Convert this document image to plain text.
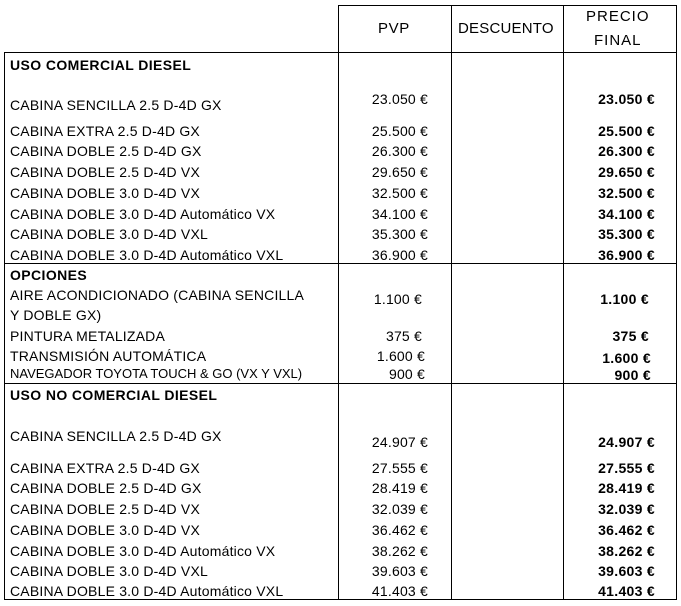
PVP	DESCUENTO
PRECIO
FINAL
USO COMERCIAL DIESEL
CABINA SENCILLA 2.5 D-4D GX	23.050 €	23.050 €
CABINA EXTRA 2.5 D-4D GX	25.500 €	25.500 €
CABINA DOBLE 2.5 D-4D GX	26.300 €	26.300 €
CABINA DOBLE 2.5 D-4D VX	29.650 €	29.650 €
CABINA DOBLE 3.0 D-4D VX	32.500 €	32.500 €
CABINA DOBLE 3.0 D-4D Automático VX	34.100 €	34.100 €
CABINA DOBLE 3.0 D-4D VXL	35.300 €	35.300 €
CABINA DOBLE 3.0 D-4D Automático VXL	36.900 €	36.900 €
OPCIONES
AIRE ACONDICIONADO (CABINA SENCILLA
Y DOBLE GX)
1.100 €	1.100 €
PINTURA METALIZADA	375 €	375 €
TRANSMISIÓN AUTOMÁTICA	1.600 €	1.600 €
NAVEGADOR TOYOTA TOUCH & GO (VX Y VXL)	900 €	900 €
USO NO COMERCIAL DIESEL
CABINA SENCILLA 2.5 D-4D GX	24.907 €	24.907 €
CABINA EXTRA 2.5 D-4D GX	27.555 €	27.555 €
CABINA DOBLE 2.5 D-4D GX	28.419 €	28.419 €
CABINA DOBLE 2.5 D-4D VX	32.039 €	32.039 €
CABINA DOBLE 3.0 D-4D VX	36.462 €	36.462 €
CABINA DOBLE 3.0 D-4D Automático VX	38.262 €	38.262 €
CABINA DOBLE 3.0 D-4D VXL	39.603 €	39.603 €
CABINA DOBLE 3.0 D-4D Automático VXL	41.403 €	41.403 €
